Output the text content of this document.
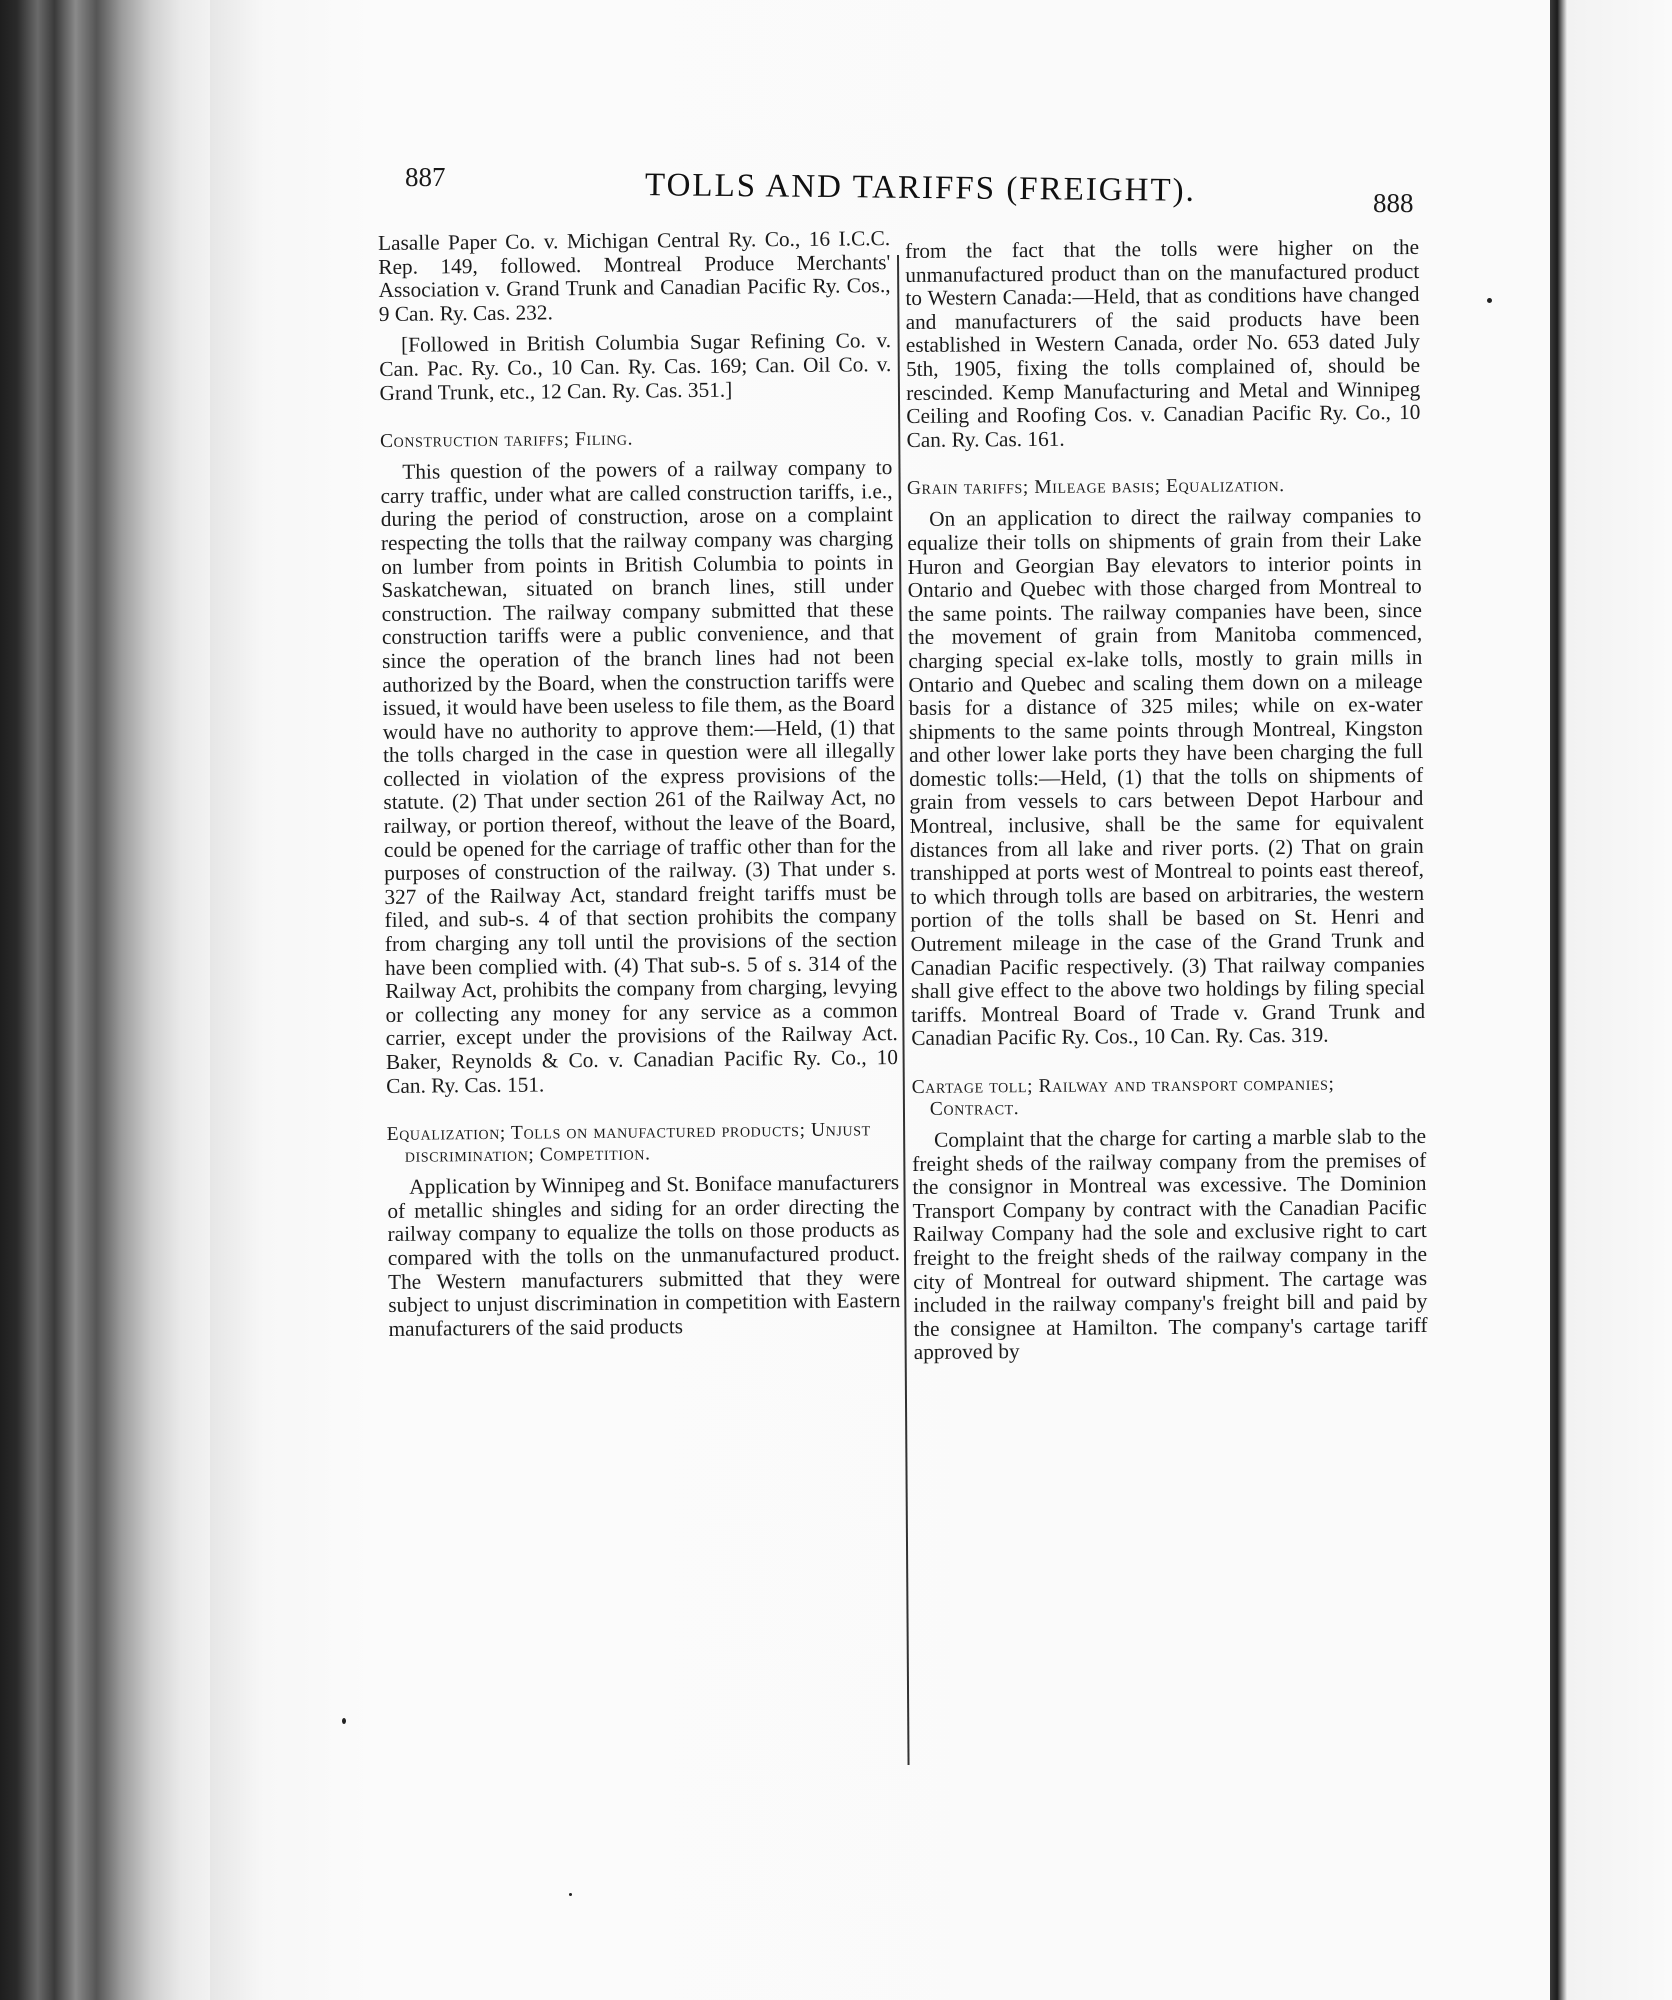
887	TOLLS AND TARIFFS (FREIGHT).	888

Lasalle Paper Co. v. Michigan Central Ry. Co., 16 I.C.C. Rep. 149, followed. Montreal Produce Merchants' Association v. Grand Trunk and Canadian Pacific Ry. Cos., 9 Can. Ry. Cas. 232.

[Followed in British Columbia Sugar Refining Co. v. Can. Pac. Ry. Co., 10 Can. Ry. Cas. 169; Can. Oil Co. v. Grand Trunk, etc., 12 Can. Ry. Cas. 351.]

Construction tariffs; Filing.

This question of the powers of a railway company to carry traffic, under what are called construction tariffs, i.e., during the period of construction, arose on a complaint respecting the tolls that the railway company was charging on lumber from points in British Columbia to points in Saskatchewan, situated on branch lines, still under construction. The railway company submitted that these construction tariffs were a public convenience, and that since the operation of the branch lines had not been authorized by the Board, when the construction tariffs were issued, it would have been useless to file them, as the Board would have no authority to approve them:—Held, (1) that the tolls charged in the case in question were all illegally collected in violation of the express provisions of the statute. (2) That under section 261 of the Railway Act, no railway, or portion thereof, without the leave of the Board, could be opened for the carriage of traffic other than for the purposes of construction of the railway. (3) That under s. 327 of the Railway Act, standard freight tariffs must be filed, and sub-s. 4 of that section prohibits the company from charging any toll until the provisions of the section have been complied with. (4) That sub-s. 5 of s. 314 of the Railway Act, prohibits the company from charging, levying or collecting any money for any service as a common carrier, except under the provisions of the Railway Act. Baker, Reynolds & Co. v. Canadian Pacific Ry. Co., 10 Can. Ry. Cas. 151.

Equalization; Tolls on manufactured products; Unjust discrimination; Competition.

Application by Winnipeg and St. Boniface manufacturers of metallic shingles and siding for an order directing the railway company to equalize the tolls on those products as compared with the tolls on the unmanufactured product. The Western manufacturers submitted that they were subject to unjust discrimination in competition with Eastern manufacturers of the said products

from the fact that the tolls were higher on the unmanufactured product than on the manufactured product to Western Canada:—Held, that as conditions have changed and manufacturers of the said products have been established in Western Canada, order No. 653 dated July 5th, 1905, fixing the tolls complained of, should be rescinded. Kemp Manufacturing and Metal and Winnipeg Ceiling and Roofing Cos. v. Canadian Pacific Ry. Co., 10 Can. Ry. Cas. 161.

Grain tariffs; Mileage basis; Equalization.

On an application to direct the railway companies to equalize their tolls on shipments of grain from their Lake Huron and Georgian Bay elevators to interior points in Ontario and Quebec with those charged from Montreal to the same points. The railway companies have been, since the movement of grain from Manitoba commenced, charging special ex-lake tolls, mostly to grain mills in Ontario and Quebec and scaling them down on a mileage basis for a distance of 325 miles; while on ex-water shipments to the same points through Montreal, Kingston and other lower lake ports they have been charging the full domestic tolls:—Held, (1) that the tolls on shipments of grain from vessels to cars between Depot Harbour and Montreal, inclusive, shall be the same for equivalent distances from all lake and river ports. (2) That on grain transhipped at ports west of Montreal to points east thereof, to which through tolls are based on arbitraries, the western portion of the tolls shall be based on St. Henri and Outrement mileage in the case of the Grand Trunk and Canadian Pacific respectively. (3) That railway companies shall give effect to the above two holdings by filing special tariffs. Montreal Board of Trade v. Grand Trunk and Canadian Pacific Ry. Cos., 10 Can. Ry. Cas. 319.

Cartage toll; Railway and transport companies; Contract.

Complaint that the charge for carting a marble slab to the freight sheds of the railway company from the premises of the consignor in Montreal was excessive. The Dominion Transport Company by contract with the Canadian Pacific Railway Company had the sole and exclusive right to cart freight to the freight sheds of the railway company in the city of Montreal for outward shipment. The cartage was included in the railway company's freight bill and paid by the consignee at Hamilton. The company's cartage tariff approved by
